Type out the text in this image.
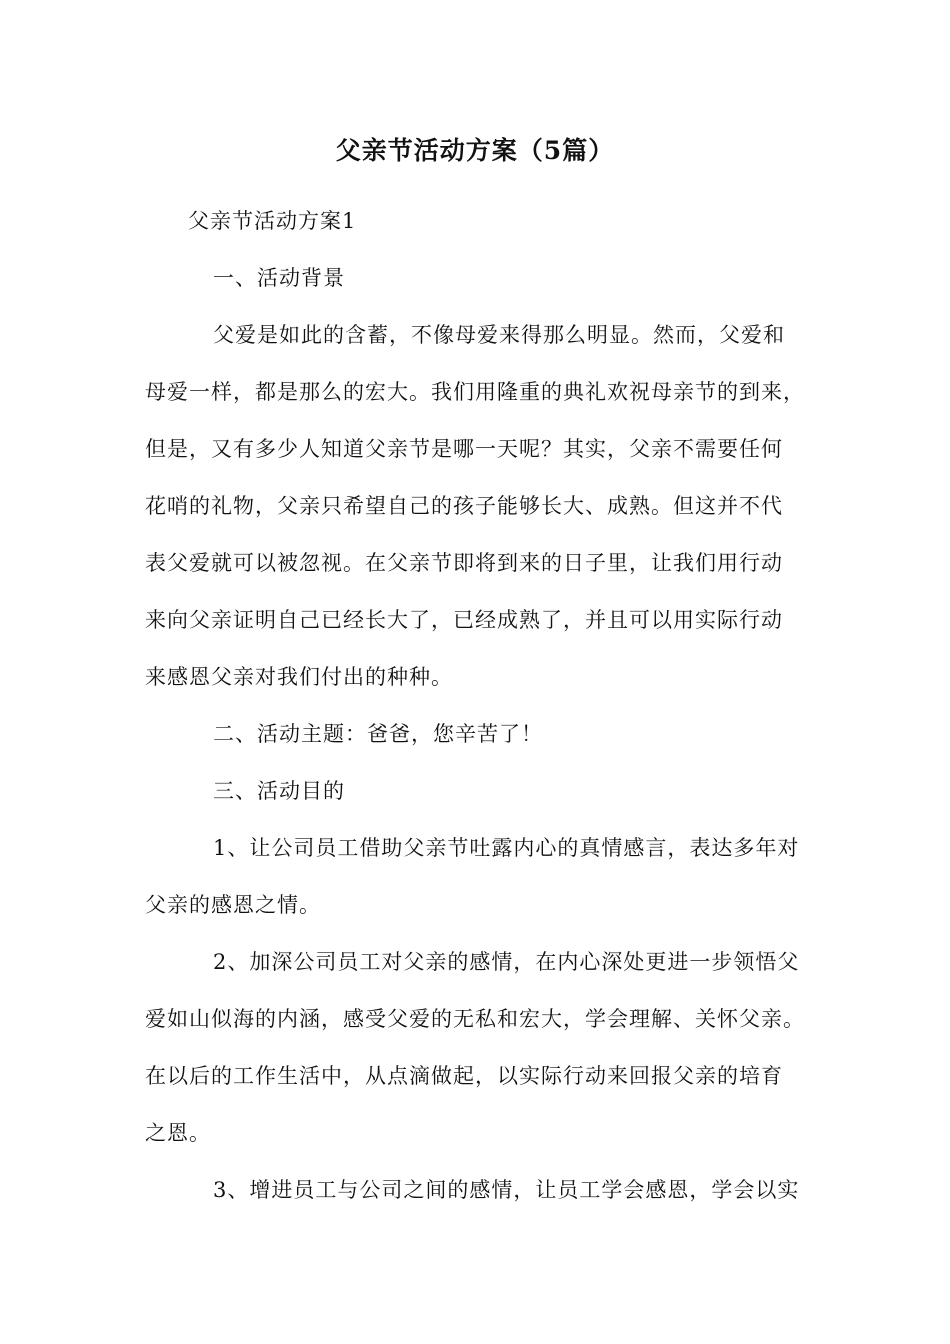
父亲节活动方案（5篇）
父亲节活动方案1
一、活动背景
父爱是如此的含蓄，不像母爱来得那么明显。然而，父爱和
母爱一样，都是那么的宏大。我们用隆重的典礼欢祝母亲节的到来，
但是，又有多少人知道父亲节是哪一天呢？其实，父亲不需要任何
花哨的礼物，父亲只希望自己的孩子能够长大、成熟。但这并不代
表父爱就可以被忽视。在父亲节即将到来的日子里，让我们用行动
来向父亲证明自己已经长大了，已经成熟了，并且可以用实际行动
来感恩父亲对我们付出的种种。
二、活动主题：爸爸，您辛苦了！
三、活动目的
1、让公司员工借助父亲节吐露内心的真情感言，表达多年对
父亲的感恩之情。
2、加深公司员工对父亲的感情，在内心深处更进一步领悟父
爱如山似海的内涵，感受父爱的无私和宏大，学会理解、关怀父亲。
在以后的工作生活中，从点滴做起，以实际行动来回报父亲的培育
之恩。
3、增进员工与公司之间的感情，让员工学会感恩，学会以实
